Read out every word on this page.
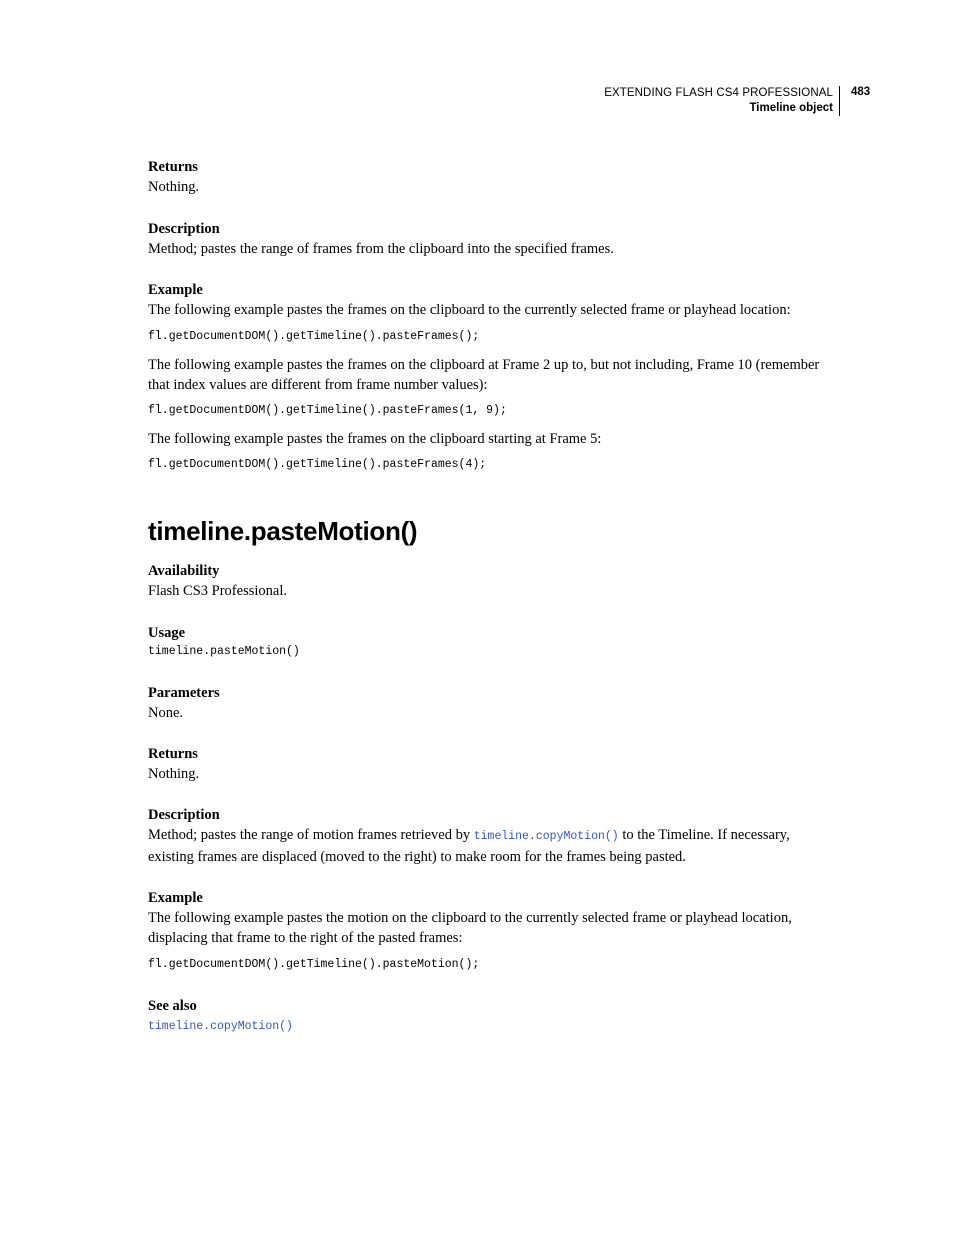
EXTENDING FLASH CS4 PROFESSIONAL
Timeline object
483

Returns

Nothing.

Description

Method; pastes the range of frames from the clipboard into the specified frames.

Example

The following example pastes the frames on the clipboard to the currently selected frame or playhead location:

fl.getDocumentDOM().getTimeline().pasteFrames();

The following example pastes the frames on the clipboard at Frame 2 up to, but not including, Frame 10 (remember that index values are different from frame number values):

fl.getDocumentDOM().getTimeline().pasteFrames(1, 9);

The following example pastes the frames on the clipboard starting at Frame 5:

fl.getDocumentDOM().getTimeline().pasteFrames(4);

timeline.pasteMotion()

Availability

Flash CS3 Professional.

Usage

timeline.pasteMotion()

Parameters

None.

Returns

Nothing.

Description

Method; pastes the range of motion frames retrieved by timeline.copyMotion() to the Timeline. If necessary, existing frames are displaced (moved to the right) to make room for the frames being pasted.

Example

The following example pastes the motion on the clipboard to the currently selected frame or playhead location, displacing that frame to the right of the pasted frames:

fl.getDocumentDOM().getTimeline().pasteMotion();

See also

timeline.copyMotion()
